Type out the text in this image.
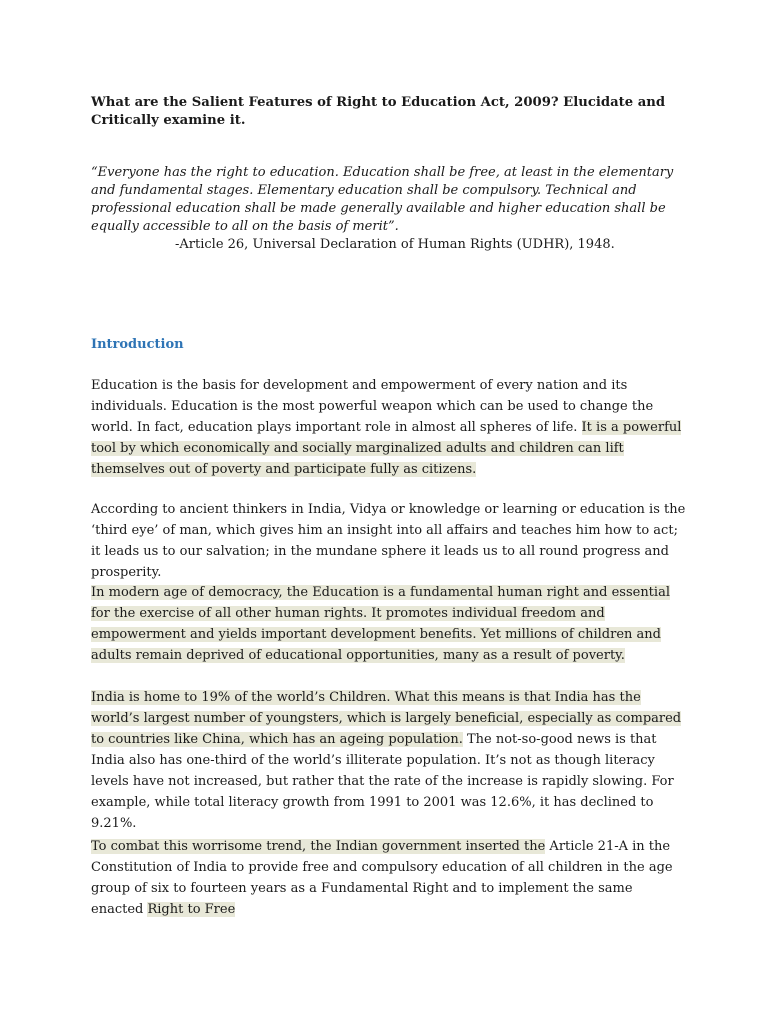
What are the Salient Features of Right to Education Act, 2009? Elucidate and Critically examine it.
“Everyone has the right to education. Education shall be free, at least in the elementary and fundamental stages. Elementary education shall be compulsory. Technical and professional education shall be made generally available and higher education shall be equally accessible to all on the basis of merit”.
-Article 26, Universal Declaration of Human Rights (UDHR), 1948.
Introduction

Education is the basis for development and empowerment of every nation and its individuals. Education is the most powerful weapon which can be used to change the world. In fact, education plays important role in almost all spheres of life. It is a powerful tool by which economically and socially marginalized adults and children can lift themselves out of poverty and participate fully as citizens.

According to ancient thinkers in India, Vidya or knowledge or learning or education is the ‘third eye’ of man, which gives him an insight into all affairs and teaches him how to act; it leads us to our salvation; in the mundane sphere it leads us to all round progress and prosperity.

In modern age of democracy, the Education is a fundamental human right and essential for the exercise of all other human rights. It promotes individual freedom and empowerment and yields important development benefits. Yet millions of children and adults remain deprived of educational opportunities, many as a result of poverty.

India is home to 19% of the world’s Children. What this means is that India has the world’s largest number of youngsters, which is largely beneficial, especially as compared to countries like China, which has an ageing population. The not-so-good news is that India also has one-third of the world’s illiterate population. It’s not as though literacy levels have not increased, but rather that the rate of the increase is rapidly slowing. For example, while total literacy growth from 1991 to 2001 was 12.6%, it has declined to 9.21%.

To combat this worrisome trend, the Indian government inserted the Article 21-A in the Constitution of India to provide free and compulsory education of all children in the age group of six to fourteen years as a Fundamental Right and to implement the same enacted Right to Free
